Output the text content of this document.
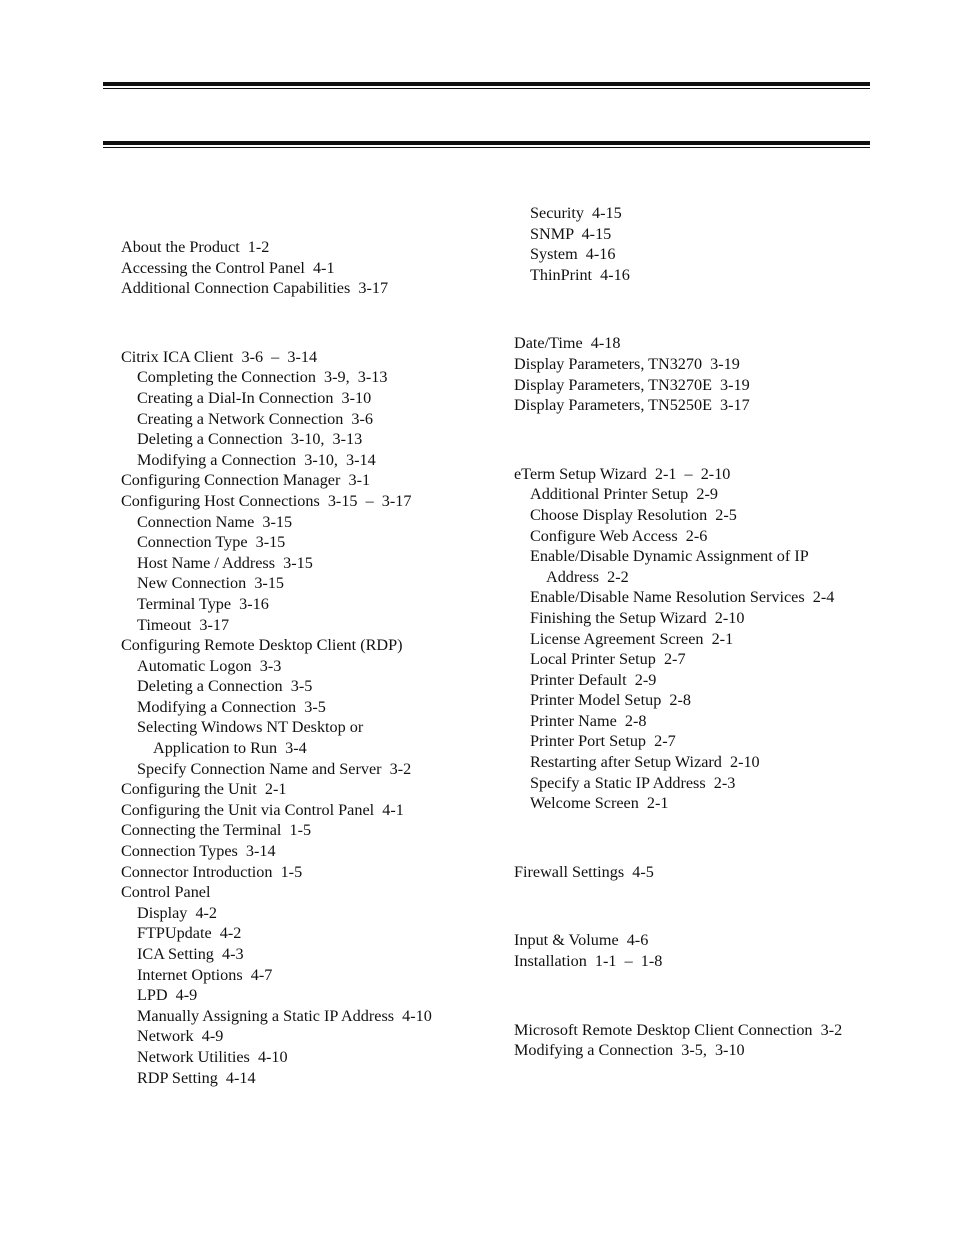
About the Product  1-2
Accessing the Control Panel  4-1
Additional Connection Capabilities  3-17
Citrix ICA Client  3-6  –  3-14
Completing the Connection  3-9,  3-13
Creating a Dial-In Connection  3-10
Creating a Network Connection  3-6
Deleting a Connection  3-10,  3-13
Modifying a Connection  3-10,  3-14
Configuring Connection Manager  3-1
Configuring Host Connections  3-15  –  3-17
Connection Name  3-15
Connection Type  3-15
Host Name / Address  3-15
New Connection  3-15
Terminal Type  3-16
Timeout  3-17
Configuring Remote Desktop Client (RDP)
Automatic Logon  3-3
Deleting a Connection  3-5
Modifying a Connection  3-5
Selecting Windows NT Desktop or
Application to Run  3-4
Specify Connection Name and Server  3-2
Configuring the Unit  2-1
Configuring the Unit via Control Panel  4-1
Connecting the Terminal  1-5
Connection Types  3-14
Connector Introduction  1-5
Control Panel
Display  4-2
FTPUpdate  4-2
ICA Setting  4-3
Internet Options  4-7
LPD  4-9
Manually Assigning a Static IP Address  4-10
Network  4-9
Network Utilities  4-10
RDP Setting  4-14
Security  4-15
SNMP  4-15
System  4-16
ThinPrint  4-16
Date/Time  4-18
Display Parameters, TN3270  3-19
Display Parameters, TN3270E  3-19
Display Parameters, TN5250E  3-17
eTerm Setup Wizard  2-1  –  2-10
Additional Printer Setup  2-9
Choose Display Resolution  2-5
Configure Web Access  2-6
Enable/Disable Dynamic Assignment of IP
Address  2-2
Enable/Disable Name Resolution Services  2-4
Finishing the Setup Wizard  2-10
License Agreement Screen  2-1
Local Printer Setup  2-7
Printer Default  2-9
Printer Model Setup  2-8
Printer Name  2-8
Printer Port Setup  2-7
Restarting after Setup Wizard  2-10
Specify a Static IP Address  2-3
Welcome Screen  2-1
Firewall Settings  4-5
Input & Volume  4-6
Installation  1-1  –  1-8
Microsoft Remote Desktop Client Connection  3-2
Modifying a Connection  3-5,  3-10
